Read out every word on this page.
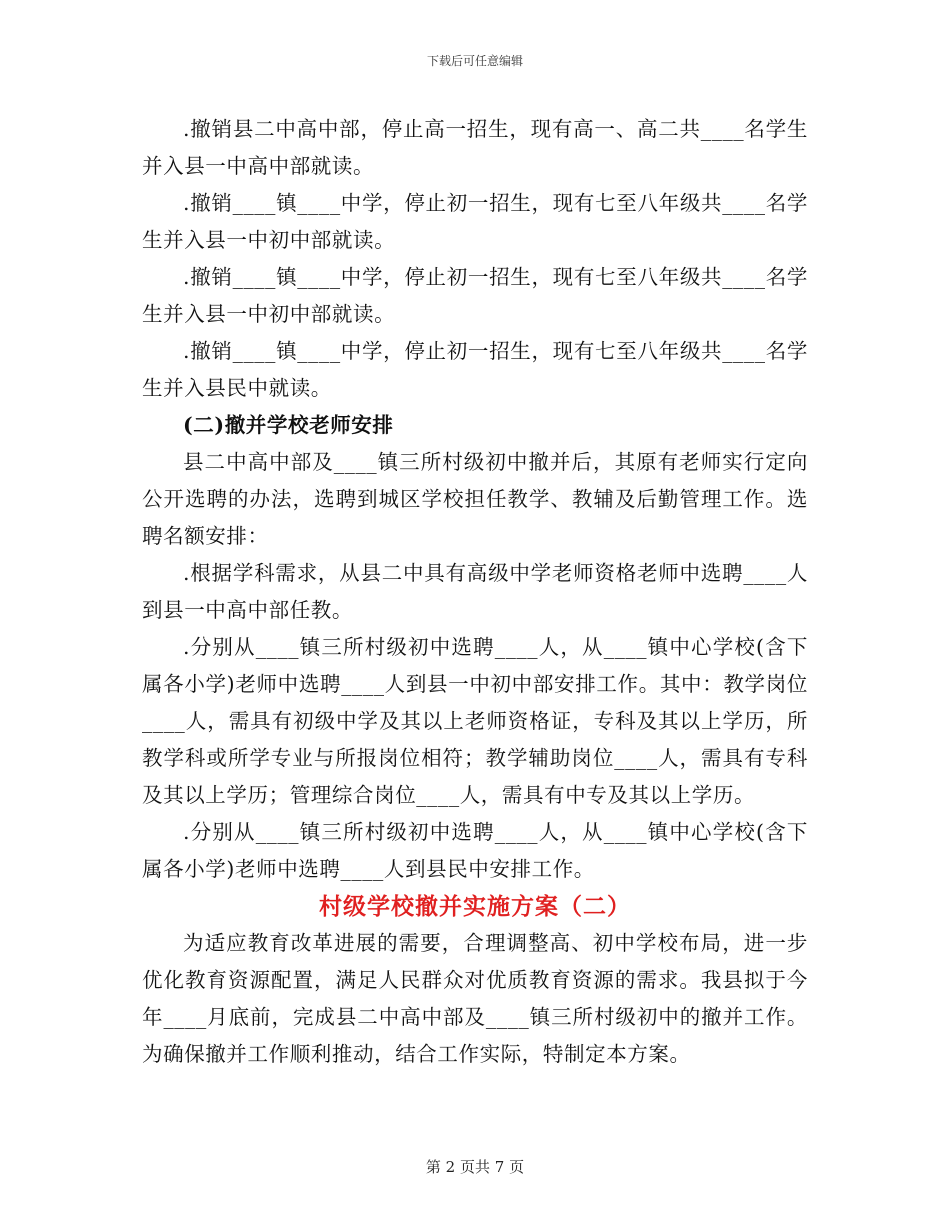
下载后可任意编辑

.撤销县二中高中部，停止高一招生，现有高一、高二共____名学生并入县一中高中部就读。

.撤销____镇____中学，停止初一招生，现有七至八年级共____名学生并入县一中初中部就读。

.撤销____镇____中学，停止初一招生，现有七至八年级共____名学生并入县一中初中部就读。

.撤销____镇____中学，停止初一招生，现有七至八年级共____名学生并入县民中就读。

(二)撤并学校老师安排

县二中高中部及____镇三所村级初中撤并后，其原有老师实行定向公开选聘的办法，选聘到城区学校担任教学、教辅及后勤管理工作。选聘名额安排：

.根据学科需求，从县二中具有高级中学老师资格老师中选聘____人到县一中高中部任教。

.分别从____镇三所村级初中选聘____人，从____镇中心学校(含下属各小学)老师中选聘____人到县一中初中部安排工作。其中：教学岗位____人，需具有初级中学及其以上老师资格证，专科及其以上学历，所教学科或所学专业与所报岗位相符；教学辅助岗位____人，需具有专科及其以上学历；管理综合岗位____人，需具有中专及其以上学历。

.分别从____镇三所村级初中选聘____人，从____镇中心学校(含下属各小学)老师中选聘____人到县民中安排工作。

村级学校撤并实施方案（二）

为适应教育改革进展的需要，合理调整高、初中学校布局，进一步优化教育资源配置，满足人民群众对优质教育资源的需求。我县拟于今年____月底前，完成县二中高中部及____镇三所村级初中的撤并工作。为确保撤并工作顺利推动，结合工作实际，特制定本方案。

第 2 页共 7 页
